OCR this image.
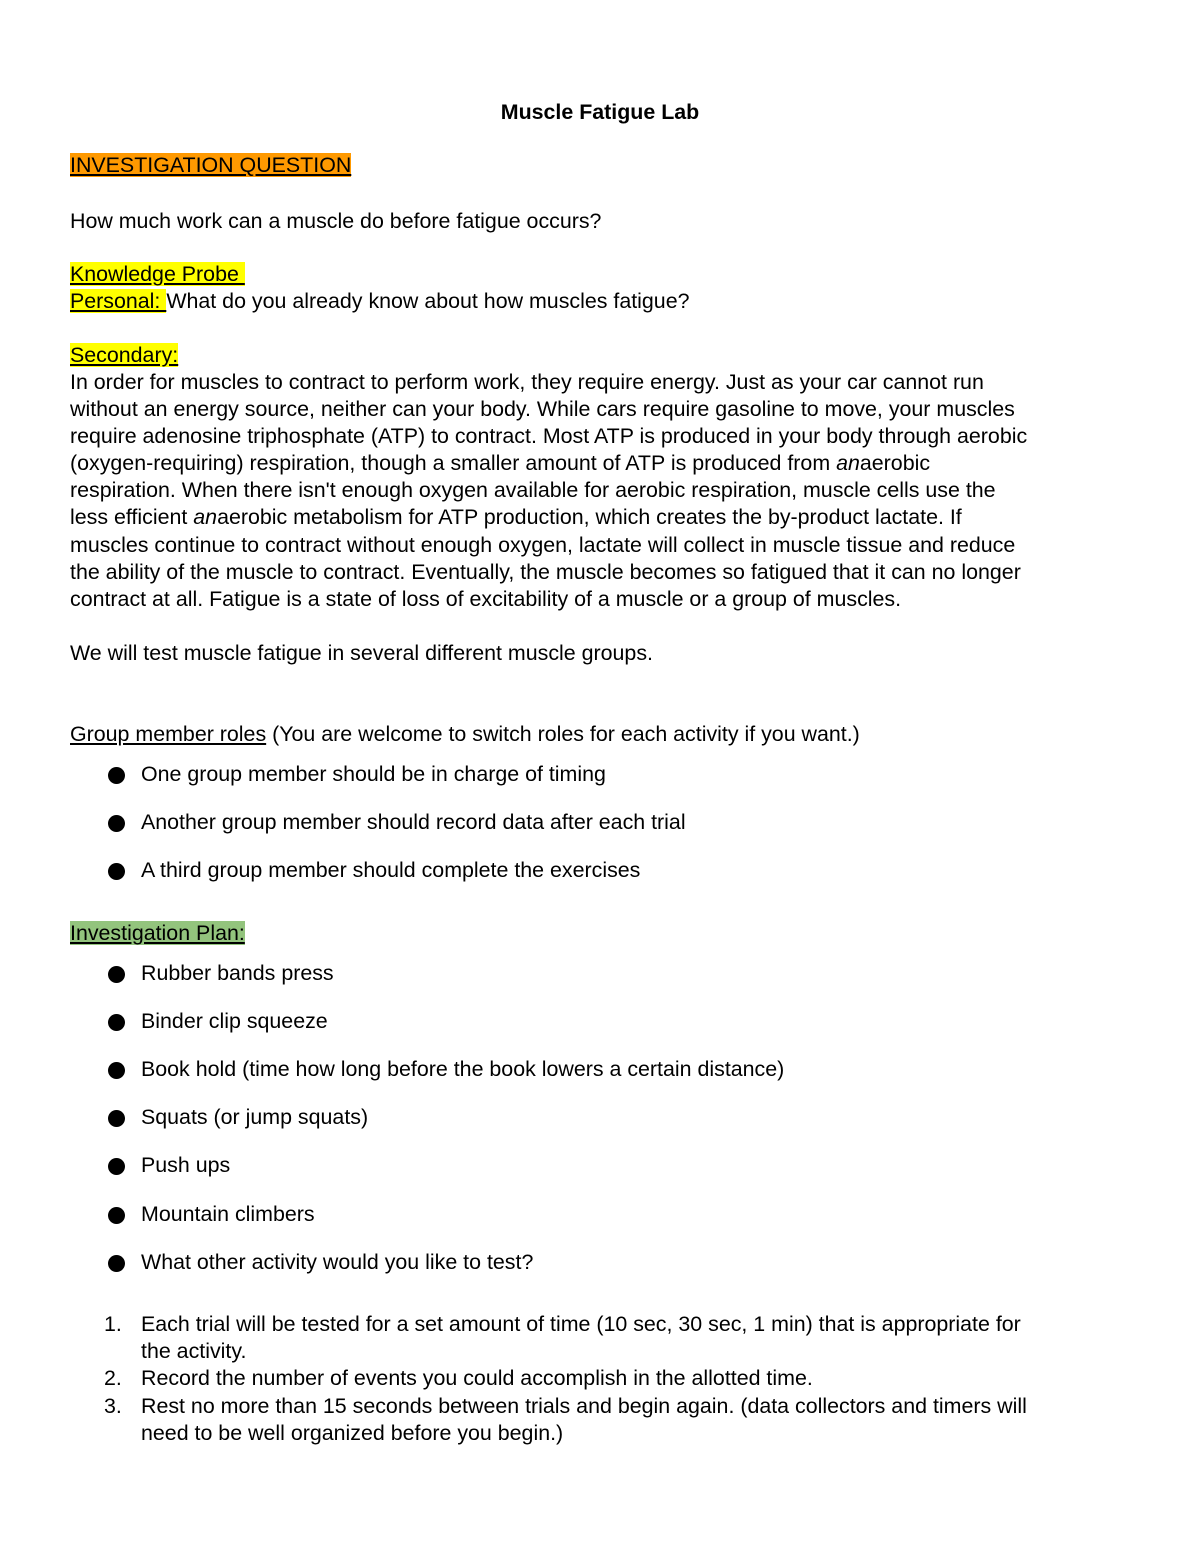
Muscle Fatigue Lab
INVESTIGATION QUESTION
How much work can a muscle do before fatigue occurs?
Knowledge Probe
Personal: What do you already know about how muscles fatigue?
Secondary:
In order for muscles to contract to perform work, they require energy. Just as your car cannot run
without an energy source, neither can your body. While cars require gasoline to move, your muscles
require adenosine triphosphate (ATP) to contract. Most ATP is produced in your body through aerobic
(oxygen-requiring) respiration, though a smaller amount of ATP is produced from anaerobic
respiration. When there isn't enough oxygen available for aerobic respiration, muscle cells use the
less efficient anaerobic metabolism for ATP production, which creates the by-product lactate. If
muscles continue to contract without enough oxygen, lactate will collect in muscle tissue and reduce
the ability of the muscle to contract. Eventually, the muscle becomes so fatigued that it can no longer
contract at all. Fatigue is a state of loss of excitability of a muscle or a group of muscles.
We will test muscle fatigue in several different muscle groups.
Group member roles (You are welcome to switch roles for each activity if you want.)
One group member should be in charge of timing
Another group member should record data after each trial
A third group member should complete the exercises
Investigation Plan:
Rubber bands press
Binder clip squeeze
Book hold (time how long before the book lowers a certain distance)
Squats (or jump squats)
Push ups
Mountain climbers
What other activity would you like to test?
1. Each trial will be tested for a set amount of time (10 sec, 30 sec, 1 min) that is appropriate for
the activity.
2. Record the number of events you could accomplish in the allotted time.
3. Rest no more than 15 seconds between trials and begin again. (data collectors and timers will
need to be well organized before you begin.)
